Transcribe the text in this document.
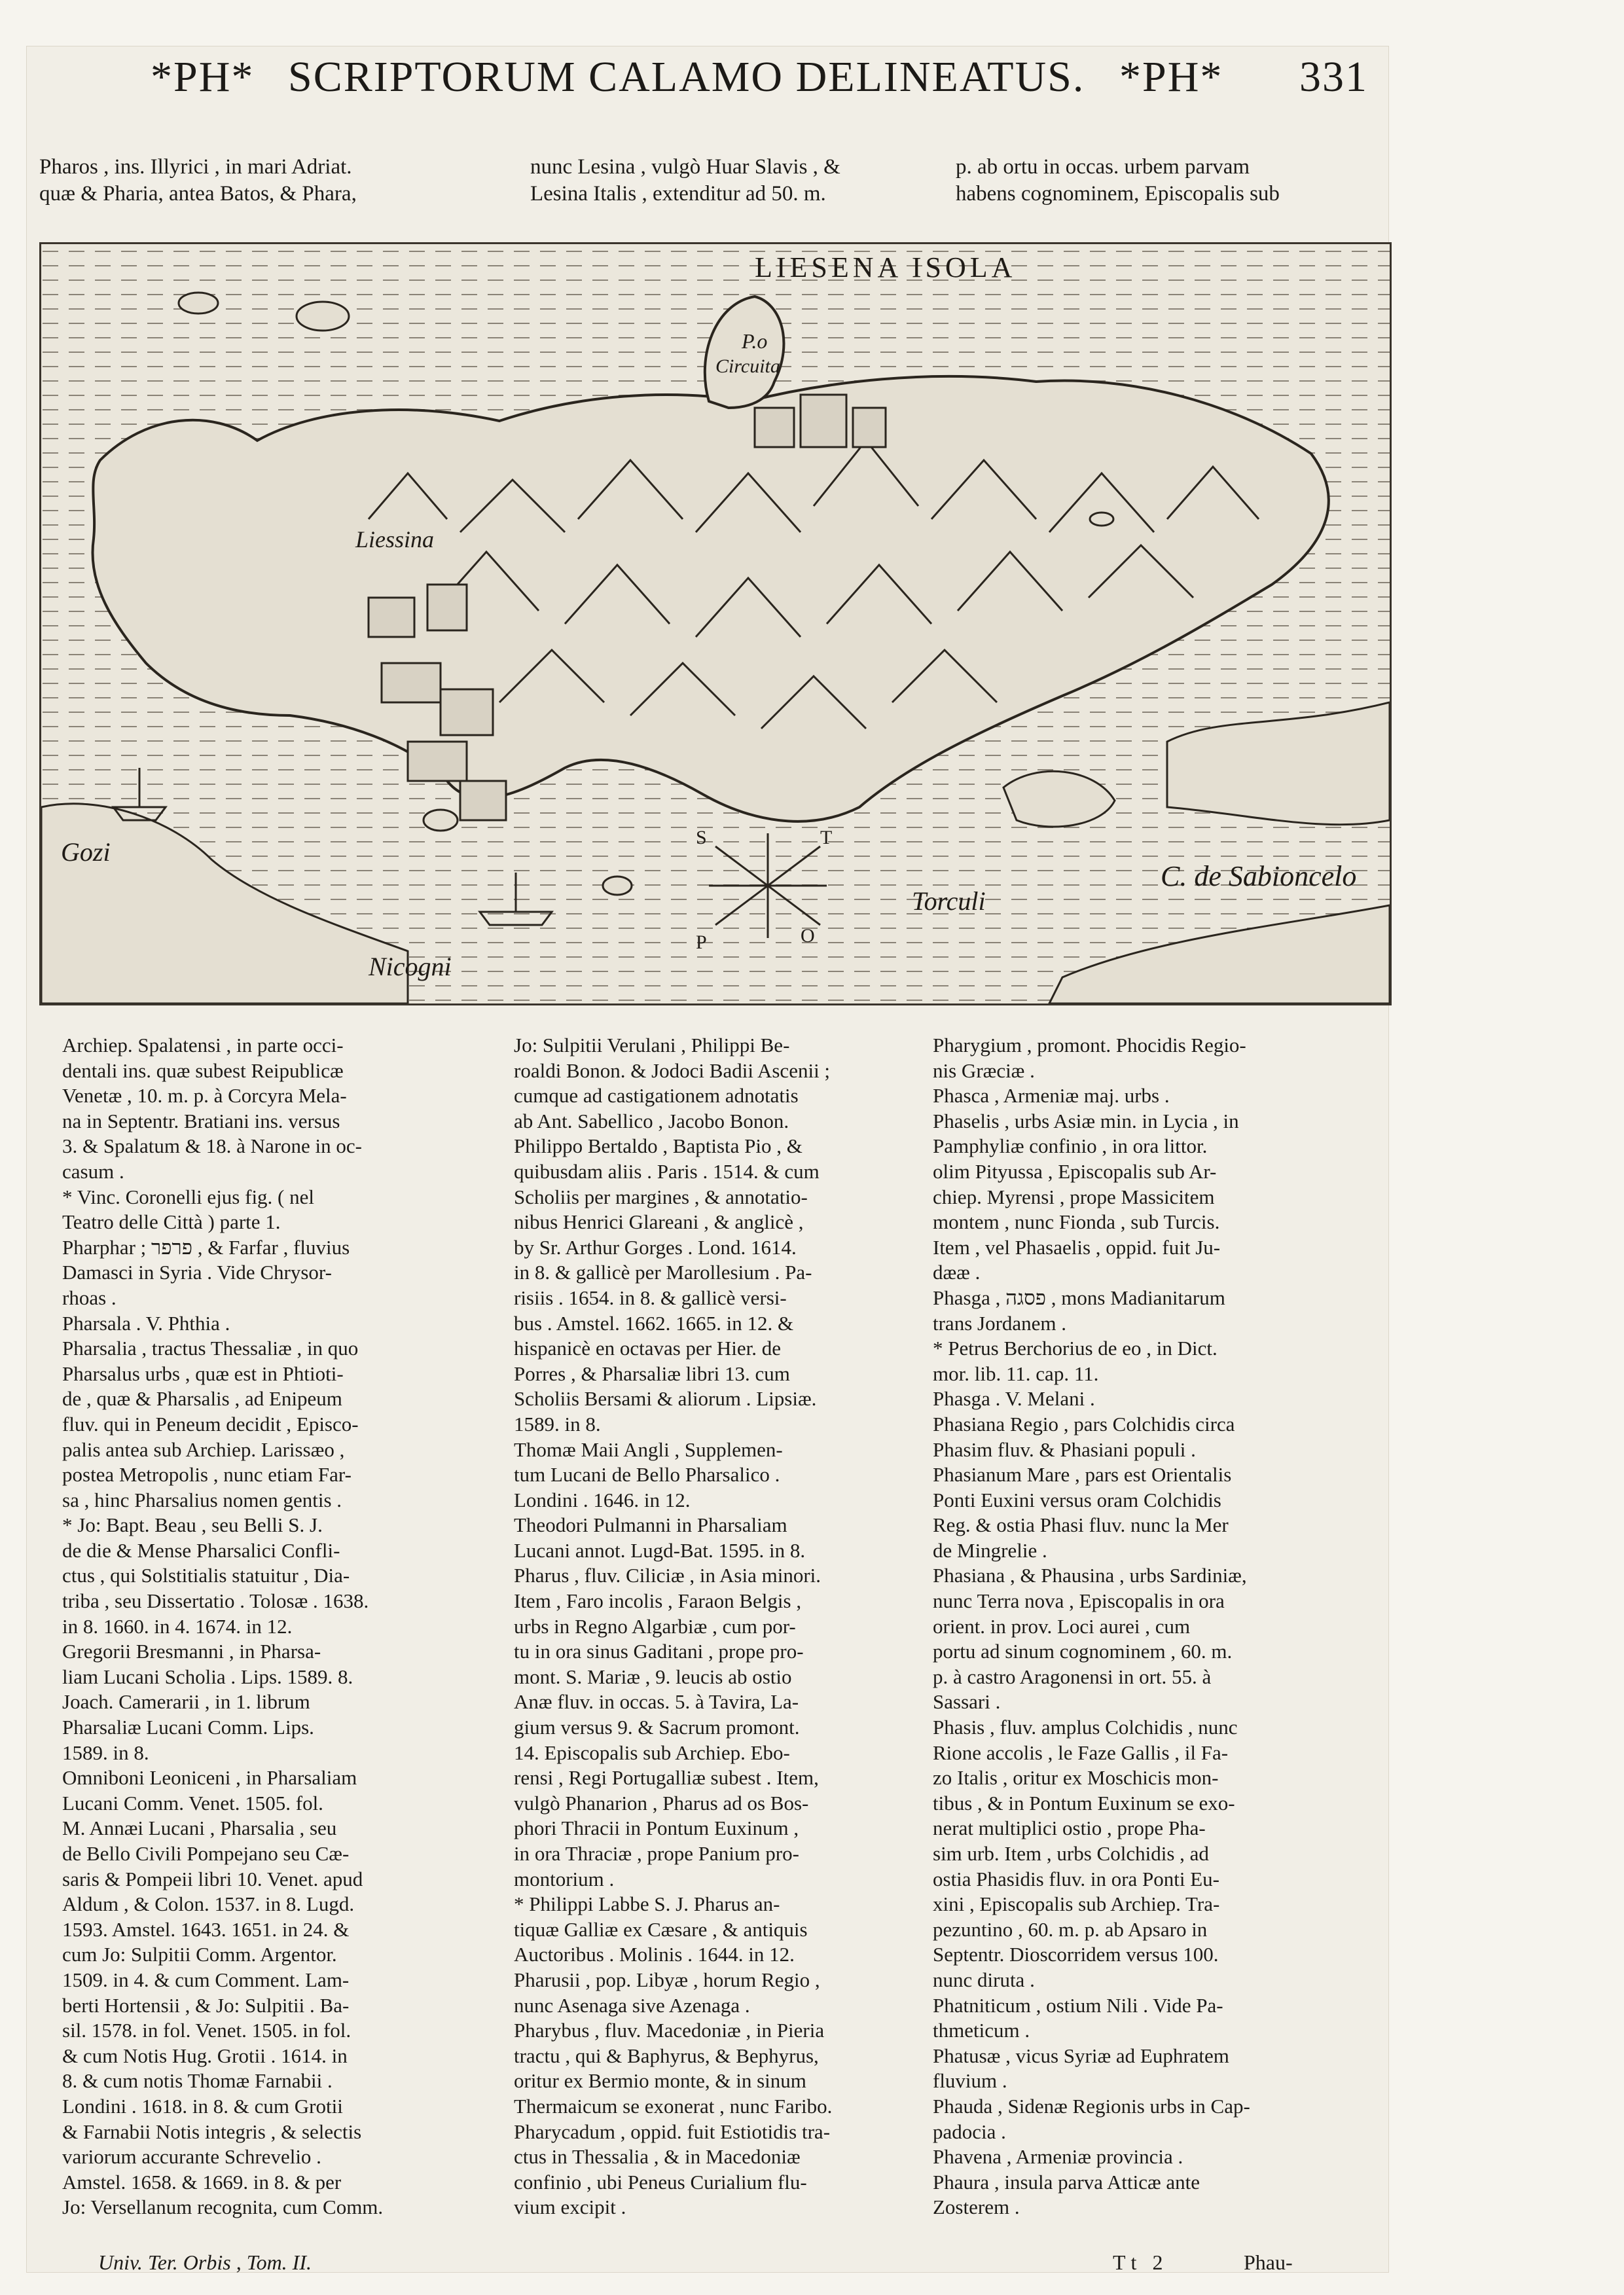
*PH* SCRIPTORUM CALAMO DELINEATUS. *PH* 331
Pharos , ins. Illyrici , in mari Adriat.
quæ & Pharia, antea Batos, & Phara,
nunc Lesina , vulgò Huar Slavis , &
Lesina Italis , extenditur ad 50. m.
p. ab ortu in occas. urbem parvam
habens cognominem, Episcopalis sub
LIESENA ISOLA
P.o
Circuita
Liessina
Gozi
Nicogni
Torculi
C. de Sabioncelo
O
P
S	T
Archiep. Spalatensi , in parte occi-
dentali ins. quæ subest Reipublicæ
Venetæ , 10. m. p. à Corcyra Mela-
na in Septentr. Bratiani ins. versus
3. & Spalatum & 18. à Narone in oc-
casum .
* Vinc. Coronelli ejus fig. ( nel
Teatro delle Città ) parte 1.
Pharphar ; פרפר , & Farfar , fluvius
Damasci in Syria . Vide Chrysor-
rhoas .
Pharsala . V. Phthia .
Pharsalia , tractus Thessaliæ , in quo
Pharsalus urbs , quæ est in Phtioti-
de , quæ & Pharsalis , ad Enipeum
fluv. qui in Peneum decidit , Episco-
palis antea sub Archiep. Larissæo ,
postea Metropolis , nunc etiam Far-
sa , hinc Pharsalius nomen gentis .
* Jo: Bapt. Beau , seu Belli S. J.
de die & Mense Pharsalici Confli-
ctus , qui Solstitialis statuitur , Dia-
triba , seu Dissertatio . Tolosæ . 1638.
in 8. 1660. in 4. 1674. in 12.
Gregorii Bresmanni , in Pharsa-
liam Lucani Scholia . Lips. 1589. 8.
Joach. Camerarii , in 1. librum
Pharsaliæ Lucani Comm. Lips.
1589. in 8.
Omniboni Leoniceni , in Pharsaliam
Lucani Comm. Venet. 1505. fol.
M. Annæi Lucani , Pharsalia , seu
de Bello Civili Pompejano seu Cæ-
saris & Pompeii libri 10. Venet. apud
Aldum , & Colon. 1537. in 8. Lugd.
1593. Amstel. 1643. 1651. in 24. &
cum Jo: Sulpitii Comm. Argentor.
1509. in 4. & cum Comment. Lam-
berti Hortensii , & Jo: Sulpitii . Ba-
sil. 1578. in fol. Venet. 1505. in fol.
& cum Notis Hug. Grotii . 1614. in
8. & cum notis Thomæ Farnabii .
Londini . 1618. in 8. & cum Grotii
& Farnabii Notis integris , & selectis
variorum accurante Schrevelio .
Amstel. 1658. & 1669. in 8. & per
Jo: Versellanum recognita, cum Comm.
Jo: Sulpitii Verulani , Philippi Be-
roaldi Bonon. & Jodoci Badii Ascenii ;
cumque ad castigationem adnotatis
ab Ant. Sabellico , Jacobo Bonon.
Philippo Bertaldo , Baptista Pio , &
quibusdam aliis . Paris . 1514. & cum
Scholiis per margines , & annotatio-
nibus Henrici Glareani , & anglicè ,
by Sr. Arthur Gorges . Lond. 1614.
in 8. & gallicè per Marollesium . Pa-
risiis . 1654. in 8. & gallicè versi-
bus . Amstel. 1662. 1665. in 12. &
hispanicè en octavas per Hier. de
Porres , & Pharsaliæ libri 13. cum
Scholiis Bersami & aliorum . Lipsiæ.
1589. in 8.
Thomæ Maii Angli , Supplemen-
tum Lucani de Bello Pharsalico .
Londini . 1646. in 12.
Theodori Pulmanni in Pharsaliam
Lucani annot. Lugd-Bat. 1595. in 8.
Pharus , fluv. Ciliciæ , in Asia minori.
Item , Faro incolis , Faraon Belgis ,
urbs in Regno Algarbiæ , cum por-
tu in ora sinus Gaditani , prope pro-
mont. S. Mariæ , 9. leucis ab ostio
Anæ fluv. in occas. 5. à Tavira, La-
gium versus 9. & Sacrum promont.
14. Episcopalis sub Archiep. Ebo-
rensi , Regi Portugalliæ subest . Item,
vulgò Phanarion , Pharus ad os Bos-
phori Thracii in Pontum Euxinum ,
in ora Thraciæ , prope Panium pro-
montorium .
* Philippi Labbe S. J. Pharus an-
tiquæ Galliæ ex Cæsare , & antiquis
Auctoribus . Molinis . 1644. in 12.
Pharusii , pop. Libyæ , horum Regio ,
nunc Asenaga sive Azenaga .
Pharybus , fluv. Macedoniæ , in Pieria
tractu , qui & Baphyrus, & Bephyrus,
oritur ex Bermio monte, & in sinum
Thermaicum se exonerat , nunc Faribo.
Pharycadum , oppid. fuit Estiotidis tra-
ctus in Thessalia , & in Macedoniæ
confinio , ubi Peneus Curialium flu-
vium excipit .
Pharygium , promont. Phocidis Regio-
nis Græciæ .
Phasca , Armeniæ maj. urbs .
Phaselis , urbs Asiæ min. in Lycia , in
Pamphyliæ confinio , in ora littor.
olim Pityussa , Episcopalis sub Ar-
chiep. Myrensi , prope Massicitem
montem , nunc Fionda , sub Turcis.
Item , vel Phasaelis , oppid. fuit Ju-
dææ .
Phasga , פסגה , mons Madianitarum
trans Jordanem .
* Petrus Berchorius de eo , in Dict.
mor. lib. 11. cap. 11.
Phasga . V. Melani .
Phasiana Regio , pars Colchidis circa
Phasim fluv. & Phasiani populi .
Phasianum Mare , pars est Orientalis
Ponti Euxini versus oram Colchidis
Reg. & ostia Phasi fluv. nunc la Mer
de Mingrelie .
Phasiana , & Phausina , urbs Sardiniæ,
nunc Terra nova , Episcopalis in ora
orient. in prov. Loci aurei , cum
portu ad sinum cognominem , 60. m.
p. à castro Aragonensi in ort. 55. à
Sassari .
Phasis , fluv. amplus Colchidis , nunc
Rione accolis , le Faze Gallis , il Fa-
zo Italis , oritur ex Moschicis mon-
tibus , & in Pontum Euxinum se exo-
nerat multiplici ostio , prope Pha-
sim urb. Item , urbs Colchidis , ad
ostia Phasidis fluv. in ora Ponti Eu-
xini , Episcopalis sub Archiep. Tra-
pezuntino , 60. m. p. ab Apsaro in
Septentr. Dioscorridem versus 100.
nunc diruta .
Phatniticum , ostium Nili . Vide Pa-
thmeticum .
Phatusæ , vicus Syriæ ad Euphratem
fluvium .
Phauda , Sidenæ Regionis urbs in Cap-
padocia .
Phavena , Armeniæ provincia .
Phaura , insula parva Atticæ ante
Zosterem .
Univ. Ter. Orbis , Tom. II.	Tt 2	Phau-
